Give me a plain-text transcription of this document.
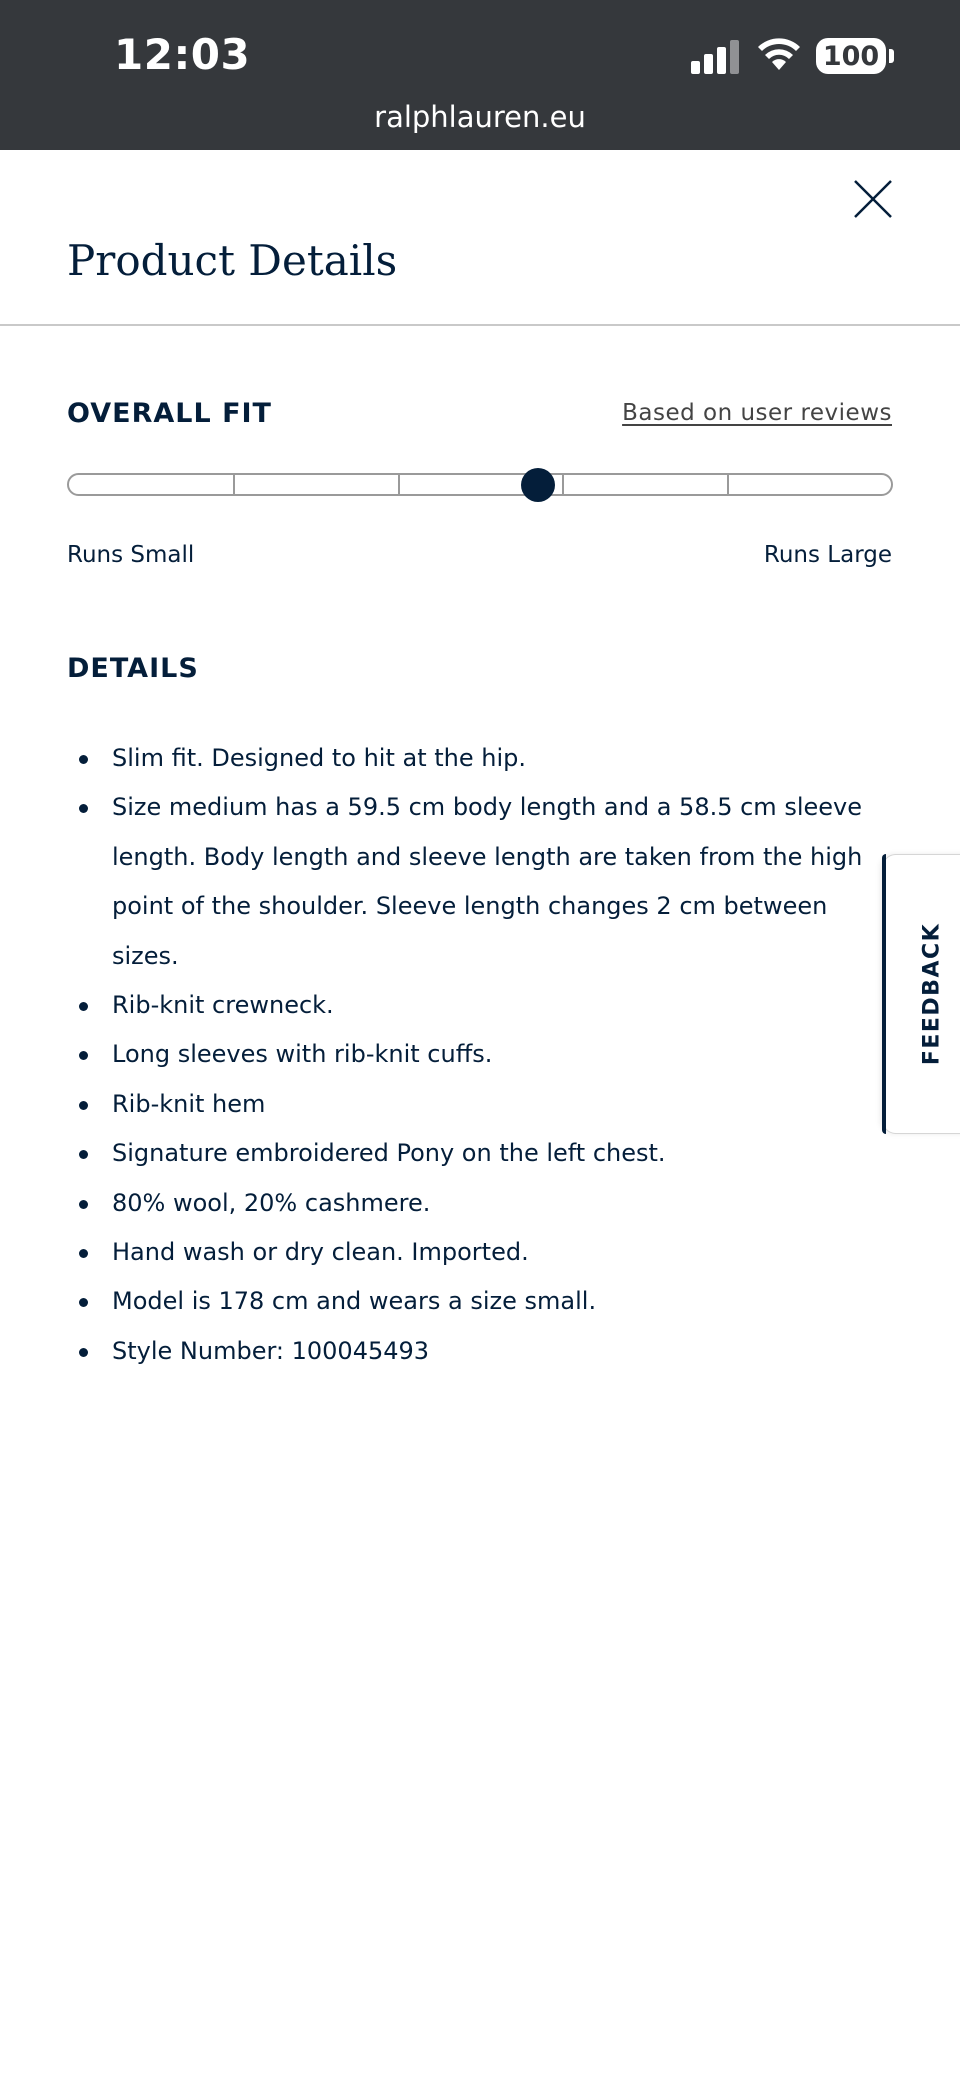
12:03	100
ralphlauren.eu
Product Details
OVERALL FIT	Based on user reviews
Runs Small	Runs Large
DETAILS
Slim fit. Designed to hit at the hip.
Size medium has a 59.5 cm body length and a 58.5 cm sleeve length. Body length and sleeve length are taken from the high point of the shoulder. Sleeve length changes 2 cm between sizes.
Rib-knit crewneck.
Long sleeves with rib-knit cuffs.
Rib-knit hem
Signature embroidered Pony on the left chest.
80% wool, 20% cashmere.
Hand wash or dry clean. Imported.
Model is 178 cm and wears a size small.
Style Number: 100045493
FEEDBACK
